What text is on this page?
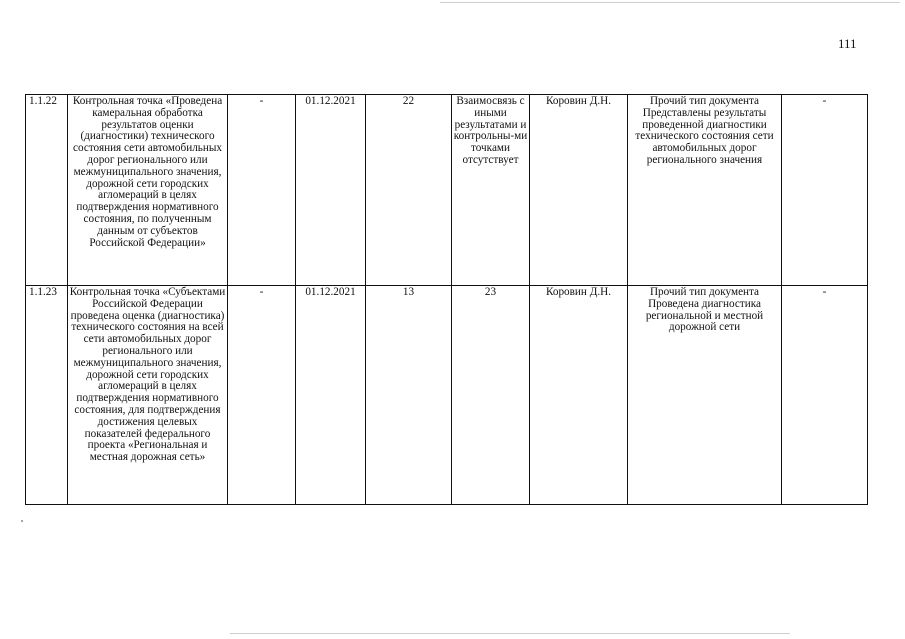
111
1.1.22	Контрольная точка «Проведена камеральная обработка результатов оценки (диагностики) технического состояния сети автомобильных дорог регионального или межмуниципального значения, дорожной сети городских агломераций в целях подтверждения нормативного состояния, по полученным данным от субъектов Российской Федерации»	-	01.12.2021	22	Взаимосвязь с иными результатами и контрольны-ми точками отсутствует	Коровин Д.Н.	Прочий тип документа Представлены результаты проведенной диагностики технического состояния сети автомобильных дорог регионального значения	-
1.1.23	Контрольная точка «Субъектами Российской Федерации проведена оценка (диагностика) технического состояния на всей сети автомобильных дорог регионального или межмуниципального значения, дорожной сети городских агломераций в целях подтверждения нормативного состояния, для подтверждения достижения целевых показателей федерального проекта «Региональная и местная дорожная сеть»	-	01.12.2021	13	23	Коровин Д.Н.	Прочий тип документа Проведена диагностика региональной и местной дорожной сети	-
